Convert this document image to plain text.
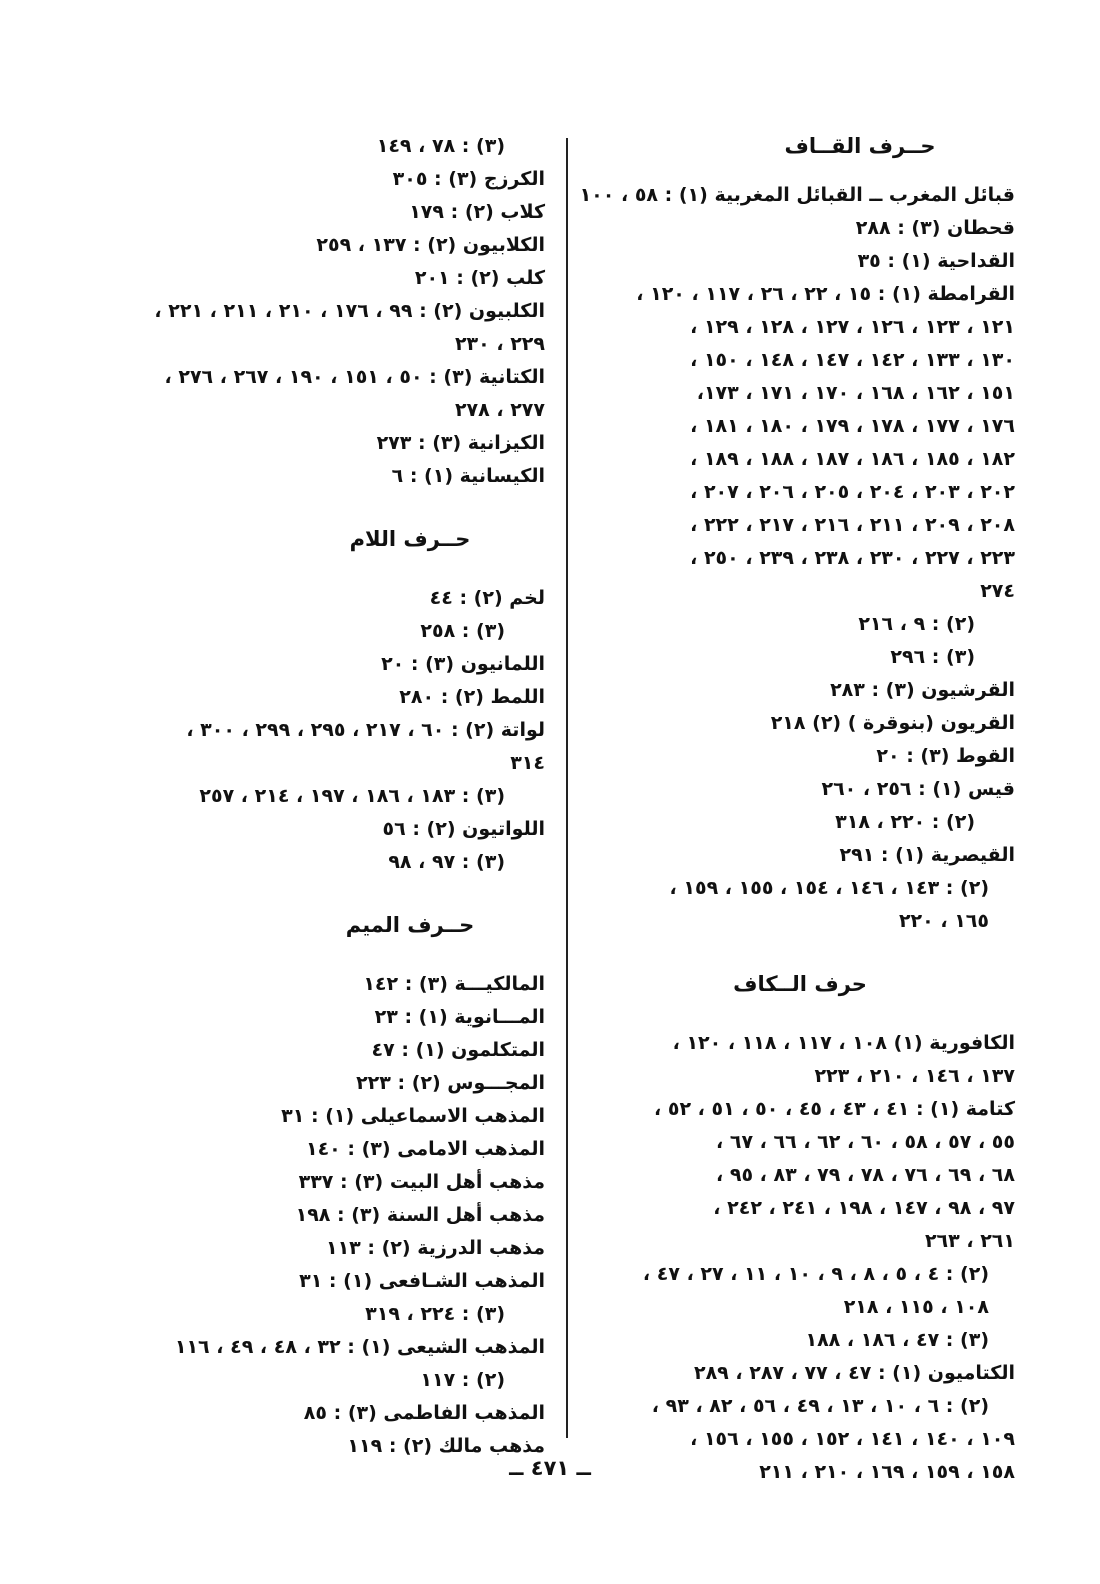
حــرف القــاف
قبائل المغرب ــ القبائل المغربية (١) : ٥٨ ، ١٠٠
قحطان (٣) : ٢٨٨
القداحية (١) : ٣٥
القرامطة (١) : ١٥ ، ٢٢ ، ٢٦ ، ١١٧ ، ١٢٠ ،
١٢١ ، ١٢٣ ، ١٢٦ ، ١٢٧ ، ١٢٨ ، ١٢٩ ،
١٣٠ ، ١٣٣ ، ١٤٢ ، ١٤٧ ، ١٤٨ ، ١٥٠ ،
١٥١ ، ١٦٢ ، ١٦٨ ، ١٧٠ ، ١٧١ ، ١٧٣،
١٧٦ ، ١٧٧ ، ١٧٨ ، ١٧٩ ، ١٨٠ ، ١٨١ ،
١٨٢ ، ١٨٥ ، ١٨٦ ، ١٨٧ ، ١٨٨ ، ١٨٩ ،
٢٠٢ ، ٢٠٣ ، ٢٠٤ ، ٢٠٥ ، ٢٠٦ ، ٢٠٧ ،
٢٠٨ ، ٢٠٩ ، ٢١١ ، ٢١٦ ، ٢١٧ ، ٢٢٢ ،
٢٢٣ ، ٢٢٧ ، ٢٣٠ ، ٢٣٨ ، ٢٣٩ ، ٢٥٠ ،
٢٧٤
(٢) : ٩ ، ٢١٦
(٣) : ٢٩٦
القرشيون (٣) : ٢٨٣
القريون (بنوقرة ) (٢) ٢١٨
القوط (٣) : ٢٠
قيس (١) : ٢٥٦ ، ٢٦٠
(٢) : ٢٢٠ ، ٣١٨
القيصرية (١) : ٢٩١
(٢) : ١٤٣ ، ١٤٦ ، ١٥٤ ، ١٥٥ ، ١٥٩ ،
١٦٥ ، ٢٢٠
حرف الــكاف
الكافورية (١) ١٠٨ ، ١١٧ ، ١١٨ ، ١٢٠ ،
١٣٧ ، ١٤٦ ، ٢١٠ ، ٢٢٣
كتامة (١) : ٤١ ، ٤٣ ، ٤٥ ، ٥٠ ، ٥١ ، ٥٢ ،
٥٥ ، ٥٧ ، ٥٨ ، ٦٠ ، ٦٢ ، ٦٦ ، ٦٧ ،
٦٨ ، ٦٩ ، ٧٦ ، ٧٨ ، ٧٩ ، ٨٣ ، ٩٥ ،
٩٧ ، ٩٨ ، ١٤٧ ، ١٩٨ ، ٢٤١ ، ٢٤٢ ،
٢٦١ ، ٢٦٣
(٢) : ٤ ، ٥ ، ٨ ، ٩ ، ١٠ ، ١١ ، ٢٧ ، ٤٧ ،
١٠٨ ، ١١٥ ، ٢١٨
(٣) : ٤٧ ، ١٨٦ ، ١٨٨
الكتاميون (١) : ٤٧ ، ٧٧ ، ٢٨٧ ، ٢٨٩
(٢) : ٦ ، ١٠ ، ١٣ ، ٤٩ ، ٥٦ ، ٨٢ ، ٩٣ ،
١٠٩ ، ١٤٠ ، ١٤١ ، ١٥٢ ، ١٥٥ ، ١٥٦ ،
١٥٨ ، ١٥٩ ، ١٦٩ ، ٢١٠ ، ٢١١
(٣) : ٧٨ ، ١٤٩
الكرزج (٣) : ٣٠٥
كلاب (٢) : ١٧٩
الكلابيون (٢) : ١٣٧ ، ٢٥٩
كلب (٢) : ٢٠١
الكلبيون (٢) : ٩٩ ، ١٧٦ ، ٢١٠ ، ٢١١ ، ٢٢١ ،
٢٢٩ ، ٢٣٠
الكتانية (٣) : ٥٠ ، ١٥١ ، ١٩٠ ، ٢٦٧ ، ٢٧٦ ،
٢٧٧ ، ٢٧٨
الكيزانية (٣) : ٢٧٣
الكيسانية (١) : ٦
حــرف اللام
لخم (٢) : ٤٤
(٣) : ٢٥٨
اللمانيون (٣) : ٢٠
اللمط (٢) : ٢٨٠
لواتة (٢) : ٦٠ ، ٢١٧ ، ٢٩٥ ، ٢٩٩ ، ٣٠٠ ،
٣١٤
(٣) : ١٨٣ ، ١٨٦ ، ١٩٧ ، ٢١٤ ، ٢٥٧
اللواتيون (٢) : ٥٦
(٣) : ٩٧ ، ٩٨
حــرف الميم
المالكيـــة (٣) : ١٤٢
المـــانوية (١) : ٢٣
المتكلمون (١) : ٤٧
المجـــوس (٢) : ٢٢٣
المذهب الاسماعيلى (١) : ٣١
المذهب الامامى (٣) : ١٤٠
مذهب أهل البيت (٣) : ٣٣٧
مذهب أهل السنة (٣) : ١٩٨
مذهب الدرزية (٢) : ١١٣
المذهب الشـافعى (١) : ٣١
(٣) : ٢٢٤ ، ٣١٩
المذهب الشيعى (١) : ٣٢ ، ٤٨ ، ٤٩ ، ١١٦
(٢) : ١١٧
المذهب الفاطمى (٣) : ٨٥
مذهب مالك (٢) : ١١٩
ــ ٤٧١ ــ
